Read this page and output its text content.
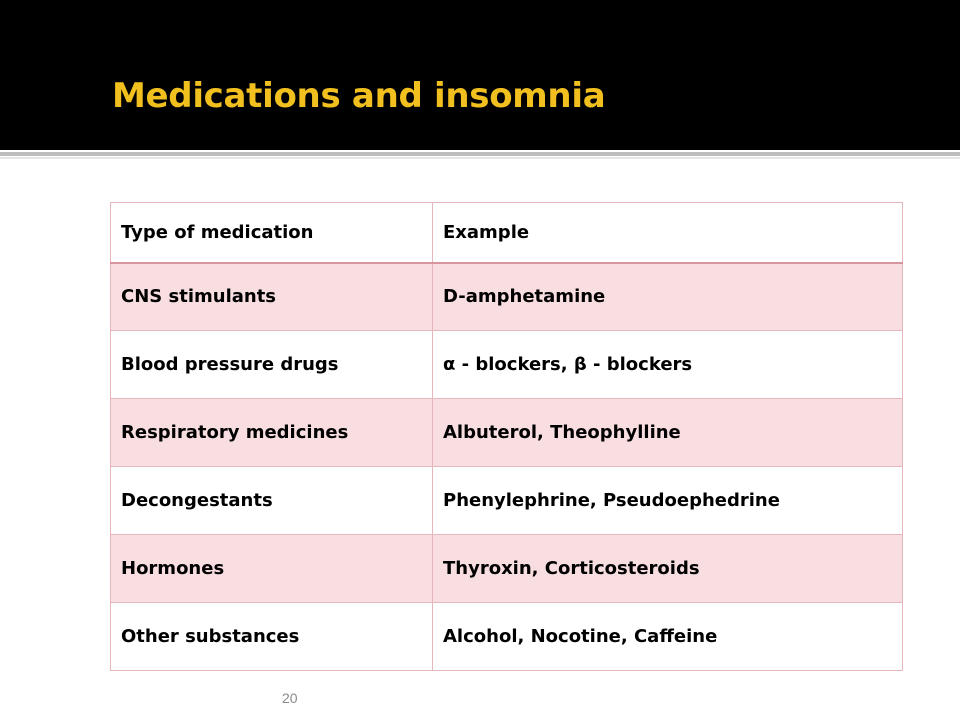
Medications and insomnia
Type of medication	Example
CNS stimulants	D-amphetamine
Blood pressure drugs	α - blockers, β - blockers
Respiratory medicines	Albuterol, Theophylline
Decongestants	Phenylephrine, Pseudoephedrine
Hormones	Thyroxin, Corticosteroids
Other substances	Alcohol, Nocotine, Caffeine
20
